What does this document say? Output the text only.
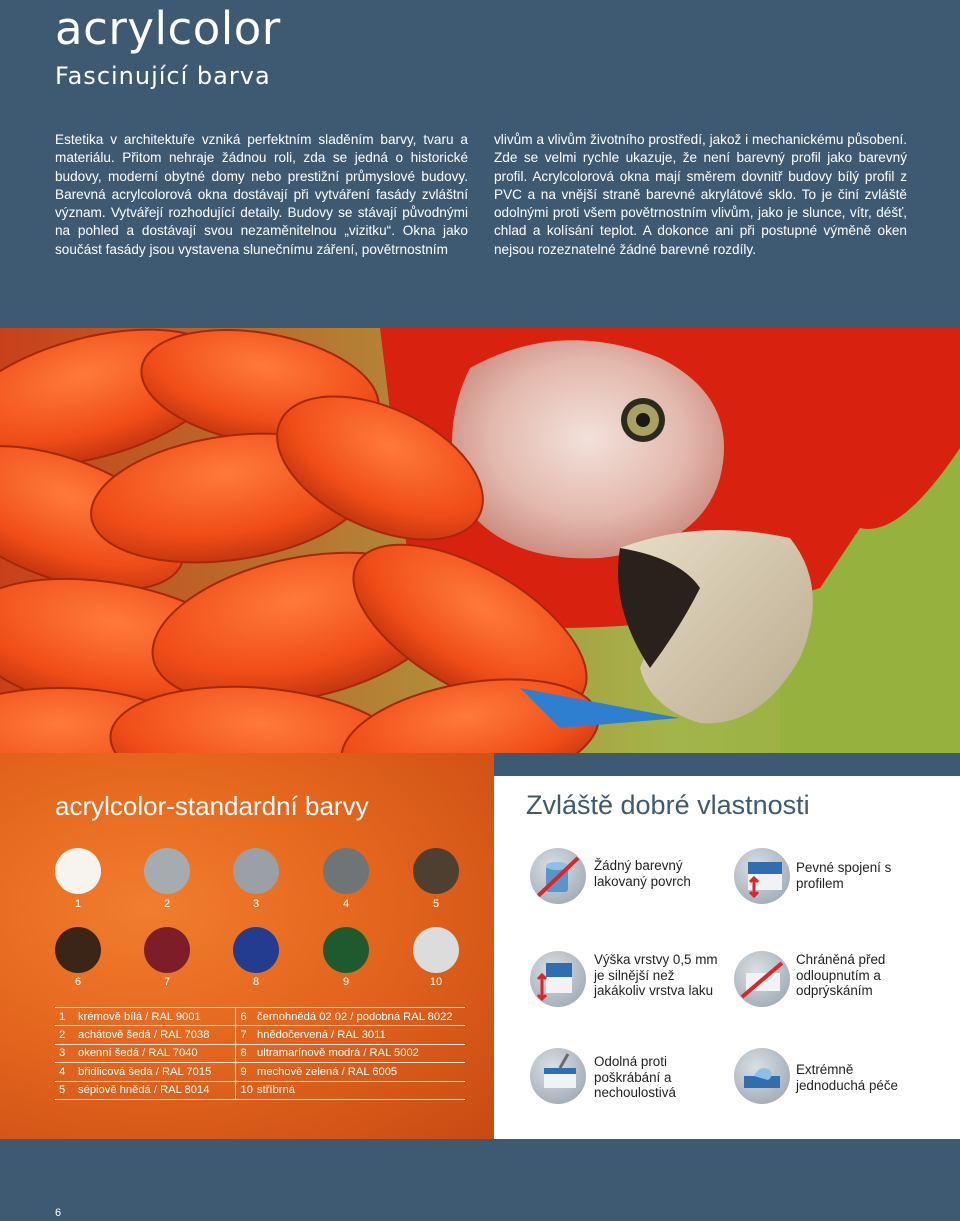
acrylcolor
Fascinující barva

Estetika v architektuře vzniká perfektním sladěním barvy, tvaru a materiálu. Přitom nehraje žádnou roli, zda se jedná o historické budovy, moderní obytné domy nebo prestižní průmyslové budovy. Barevná acrylcolorová okna dostávají při vytváření fasády zvláštní význam. Vytvářejí rozhodující detaily. Budovy se stávají původnými na pohled a dostávají svou nezaměnitelnou „vizitku“. Okna jako součást fasády jsou vystavena slunečnímu záření, povětrnostním

vlivům a vlivům životního prostředí, jakož i mechanickému působení. Zde se velmi rychle ukazuje, že není barevný profil jako barevný profil. Acrylcolorová okna mají směrem dovnitř budovy bílý profil z PVC a na vnější straně barevné akrylátové sklo. To je činí zvláště odolnými proti všem povětrnostním vlivům, jako je slunce, vítr, déšť, chlad a kolísání teplot. A dokonce ani při postupné výměně oken nejsou rozeznatelné žádné barevné rozdíly.

acrylcolor-standardní barvy
1	2	3	4	5
6	7	8	9	10
1	krémově bílá / RAL 9001	6	černohnědá 02 02 / podobná RAL 8022
2	achátově šedá / RAL 7038	7	hnědočervená / RAL 3011
3	okenní šedá / RAL 7040	8	ultramarínově modrá / RAL 5002
4	břidlicová šedá / RAL 7015	9	mechově zelená / RAL 6005
5	sépiově hnědá / RAL 8014	10	stříbrná
Zvláště dobré vlastnosti
Žádný barevný lakovaný povrch
Pevné spojení s profilem
Výška vrstvy 0,5 mm je silnější než jakákoliv vrstva laku
Chráněná před odloupnutím a odprýskáním
Odolná proti poškrábání a nechoulostivá
Extrémně jednoduchá péče
6
